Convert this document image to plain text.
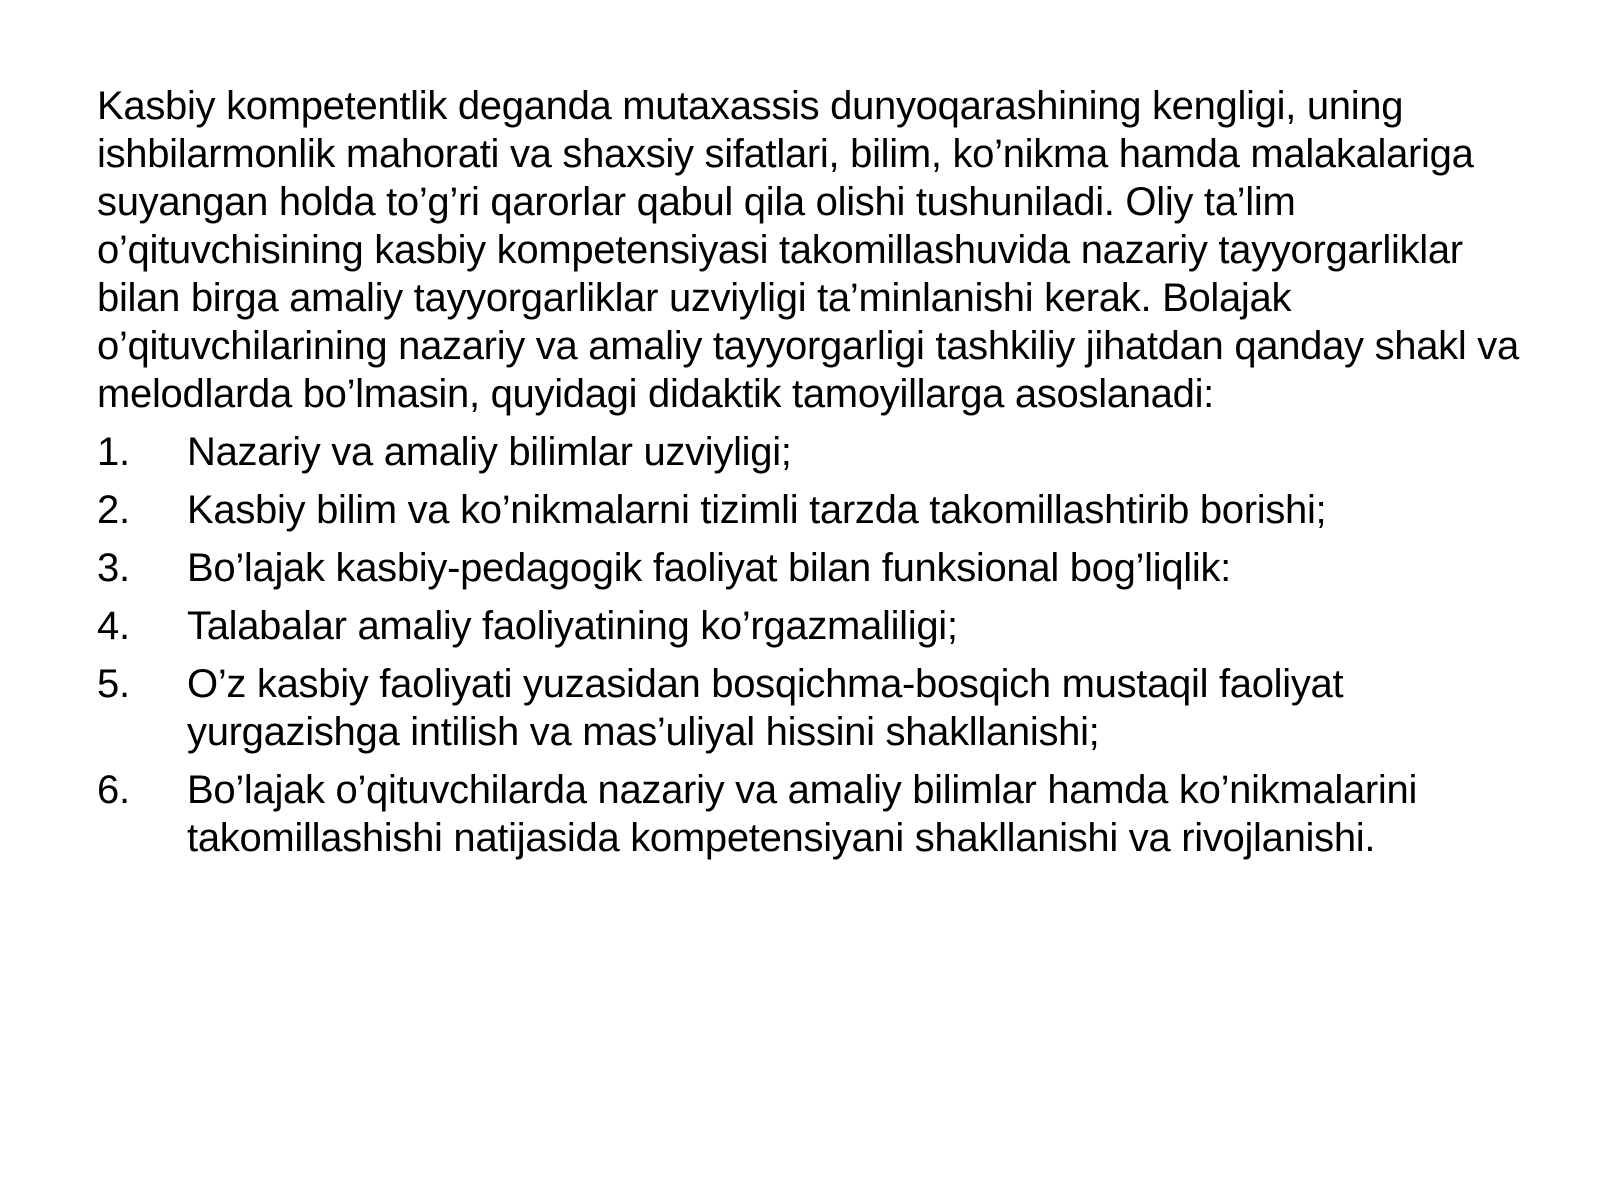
Kasbiy kompetentlik deganda mutaxassis dunyoqarashining kengligi, uning ishbilarmonlik mahorati va shaxsiy sifatlari, bilim, ko’nikma hamda malakalariga suyangan holda to’g’ri qarorlar qabul qila olishi tushuniladi. Oliy ta’lim o’qituvchisining kasbiy kompetensiyasi takomillashuvida nazariy tayyorgarliklar bilan birga amaliy tayyorgarliklar uzviyligi ta’minlanishi kerak. Bolajak o’qituvchilarining nazariy va amaliy tayyorgarligi tashkiliy jihatdan qanday shakl va melodlarda bo’lmasin, quyidagi didaktik tamoyillarga asoslanadi:

1.	Nazariy va amaliy bilimlar uzviyligi;
2.	Kasbiy bilim va ko’nikmalarni tizimli tarzda takomillashtirib borishi;
3.	Bo’lajak kasbiy-pedagogik faoliyat bilan funksional bog’liqlik:
4.	Talabalar amaliy faoliyatining ko’rgazmaliligi;
5.	O’z kasbiy faoliyati yuzasidan bosqichma-bosqich mustaqil faoliyat yurgazishga intilish va mas’uliyal hissini shakllanishi;
6.	Bo’lajak o’qituvchilarda nazariy va amaliy bilimlar hamda ko’nikmalarini takomillashishi natijasida kompetensiyani shakllanishi va rivojlanishi.
